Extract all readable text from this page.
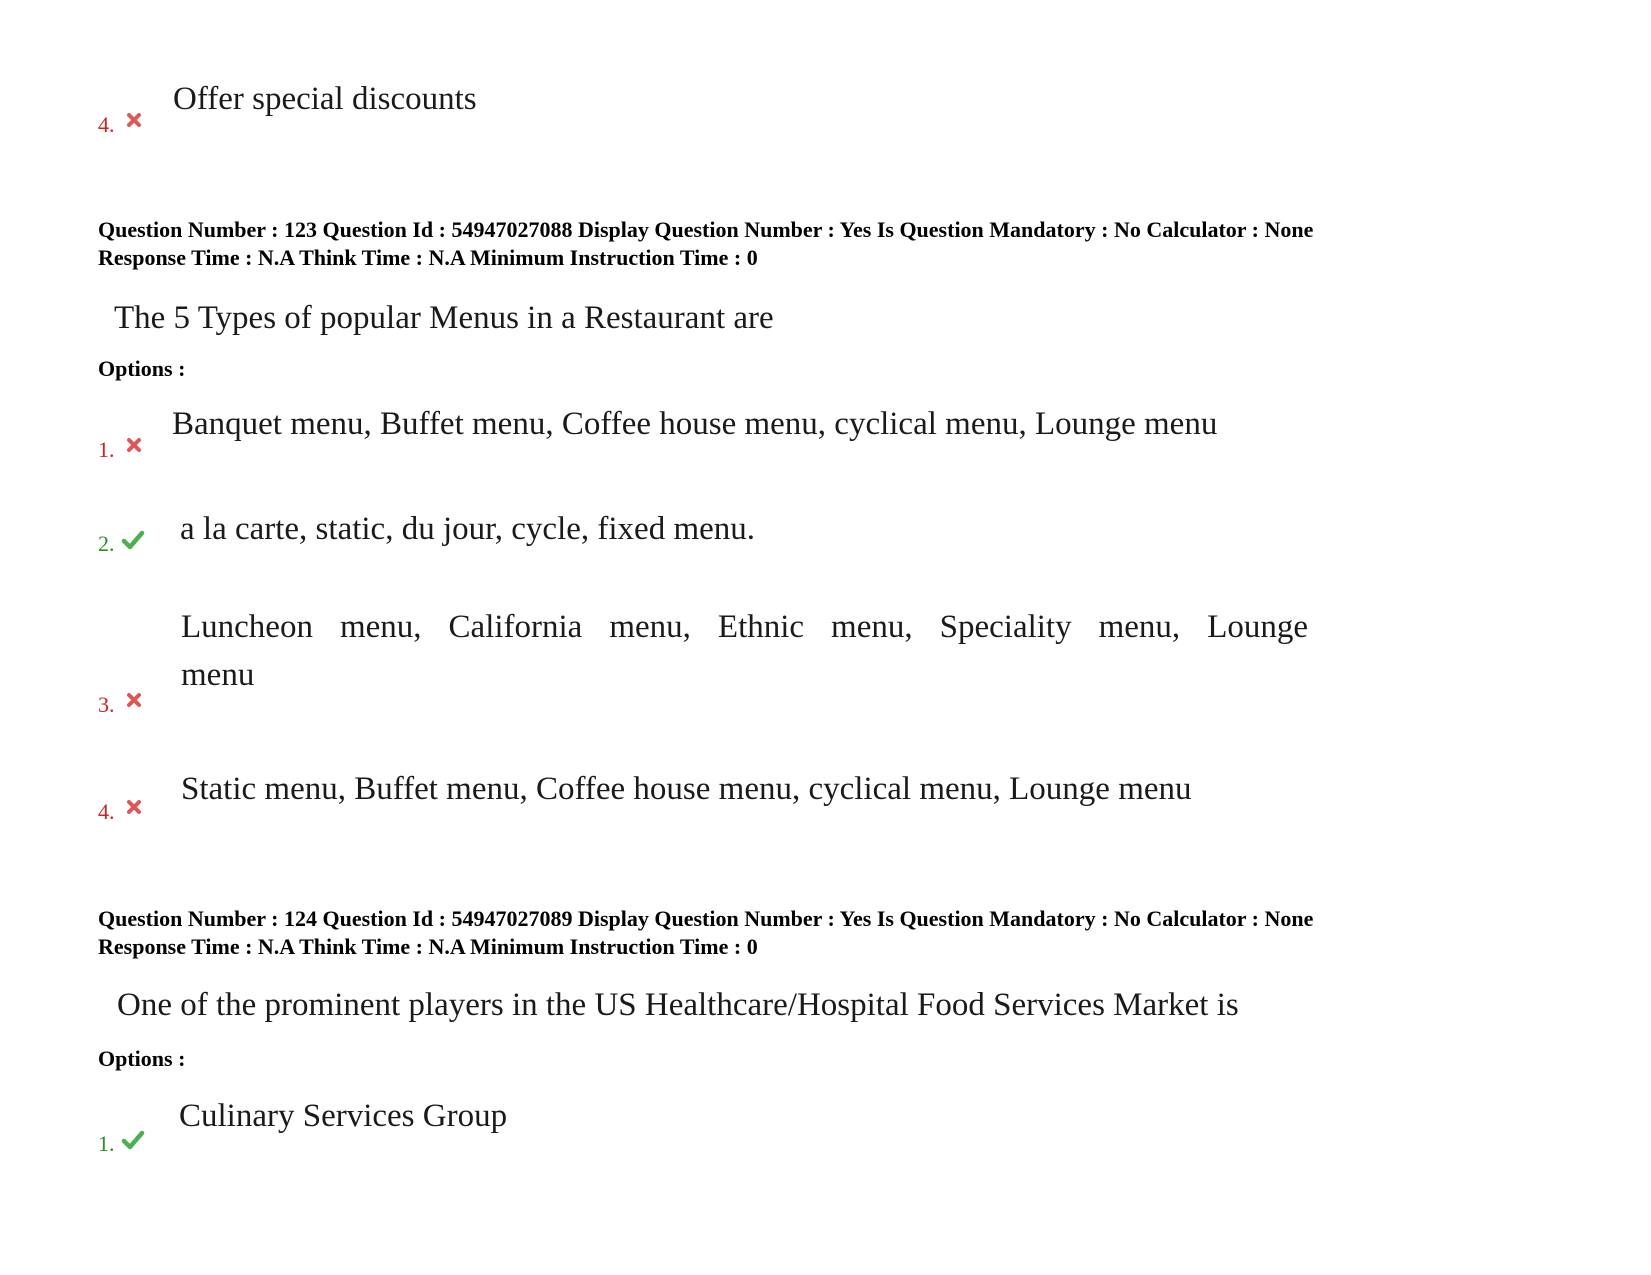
Offer special discounts
4.
Question Number : 123 Question Id : 54947027088 Display Question Number : Yes Is Question Mandatory : No Calculator : None
Response Time : N.A Think Time : N.A Minimum Instruction Time : 0
The 5 Types of popular Menus in a Restaurant are
Options :
Banquet menu, Buffet menu, Coffee house menu, cyclical menu, Lounge menu
1.
a la carte, static, du jour, cycle, fixed menu.
2.
Luncheon menu, California menu, Ethnic menu, Speciality menu, Lounge
menu
3.
Static menu, Buffet menu, Coffee house menu, cyclical menu, Lounge menu
4.
Question Number : 124 Question Id : 54947027089 Display Question Number : Yes Is Question Mandatory : No Calculator : None
Response Time : N.A Think Time : N.A Minimum Instruction Time : 0
One of the prominent players in the US Healthcare/Hospital Food Services Market is
Options :
Culinary Services Group
1.
